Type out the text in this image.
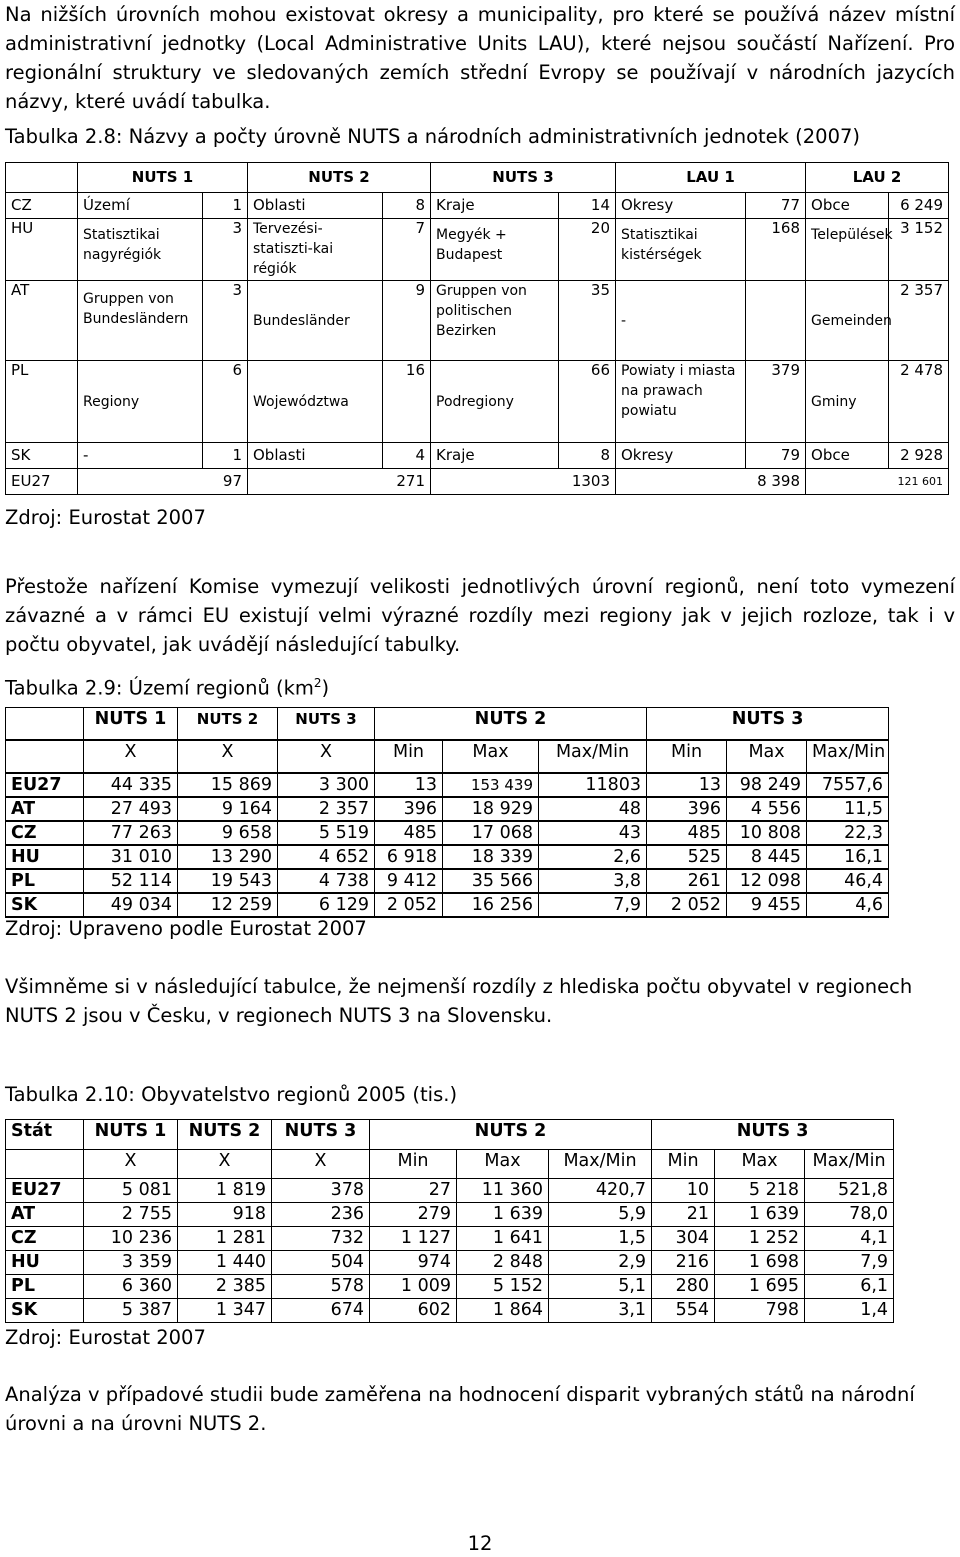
Na nižších úrovních mohou existovat okresy a municipality, pro které se používá název místní administrativní jednotky (Local Administrative Units LAU), které nejsou součástí Nařízení. Pro regionální struktury ve sledovaných zemích střední Evropy se používají v národních jazycích názvy, které uvádí tabulka.
Tabulka 2.8: Názvy a počty úrovně NUTS a národních administrativních jednotek (2007)
	NUTS 1		NUTS 2		NUTS 3		LAU 1		LAU 2	
CZ	Území	1	Oblasti	8	Kraje	14	Okresy	77	Obce	6 249
HU	Statisztikai nagyrégiók	3	Tervezési-statiszti-kai régiók	7	Megyék + Budapest	20	Statisztikai kistérségek	168	Települések	3 152
AT	Gruppen von Bundesländern	3	Bundesländer	9	Gruppen von politischen Bezirken	35	-		Gemeinden	2 357
PL	Regiony	6	Województwa	16	Podregiony	66	Powiaty i miasta na prawach powiatu	379	Gminy	2 478
SK	-	1	Oblasti	4	Kraje	8	Okresy	79	Obce	2 928
EU27	97		271		1303		8 398		121 601	
Zdroj: Eurostat 2007
Přestože nařízení Komise vymezují velikosti jednotlivých úrovní regionů, není toto vymezení závazné a v rámci EU existují velmi výrazné rozdíly mezi regiony jak v jejich rozloze, tak i v počtu obyvatel, jak uvádějí následující tabulky.
Tabulka 2.9: Území regionů $(km^2)$
	NUTS 1	NUTS 2	NUTS 3	NUTS 2			NUTS 3		
	X	X	X	Min	Max	Max/Min	Min	Max	Max/Min
EU27	44 335	15 869	3 300	13	153 439	11803	13	98 249	7557,6
AT	27 493	9 164	2 357	396	18 929	48	396	4 556	11,5
CZ	77 263	9 658	5 519	485	17 068	43	485	10 808	22,3
HU	31 010	13 290	4 652	6 918	18 339	2,6	525	8 445	16,1
PL	52 114	19 543	4 738	9 412	35 566	3,8	261	12 098	46,4
SK	49 034	12 259	6 129	2 052	16 256	7,9	2 052	9 455	4,6
Zdroj: Upraveno podle Eurostat 2007
Všimněme si v následující tabulce, že nejmenší rozdíly z hlediska počtu obyvatel v regionech NUTS 2 jsou v Česku, v regionech NUTS 3 na Slovensku.
Tabulka 2.10: Obyvatelstvo regionů 2005 (tis.)
Stát	NUTS 1	NUTS 2	NUTS 3	NUTS 2			NUTS 3		
	X	X	X	Min	Max	Max/Min	Min	Max	Max/Min
EU27	5 081	1 819	378	27	11 360	420,7	10	5 218	521,8
AT	2 755	918	236	279	1 639	5,9	21	1 639	78,0
CZ	10 236	1 281	732	1 127	1 641	1,5	304	1 252	4,1
HU	3 359	1 440	504	974	2 848	2,9	216	1 698	7,9
PL	6 360	2 385	578	1 009	5 152	5,1	280	1 695	6,1
SK	5 387	1 347	674	602	1 864	3,1	554	798	1,4
Zdroj: Eurostat 2007
Analýza v případové studii bude zaměřena na hodnocení disparit vybraných států na národní úrovni a na úrovni NUTS 2.
12
